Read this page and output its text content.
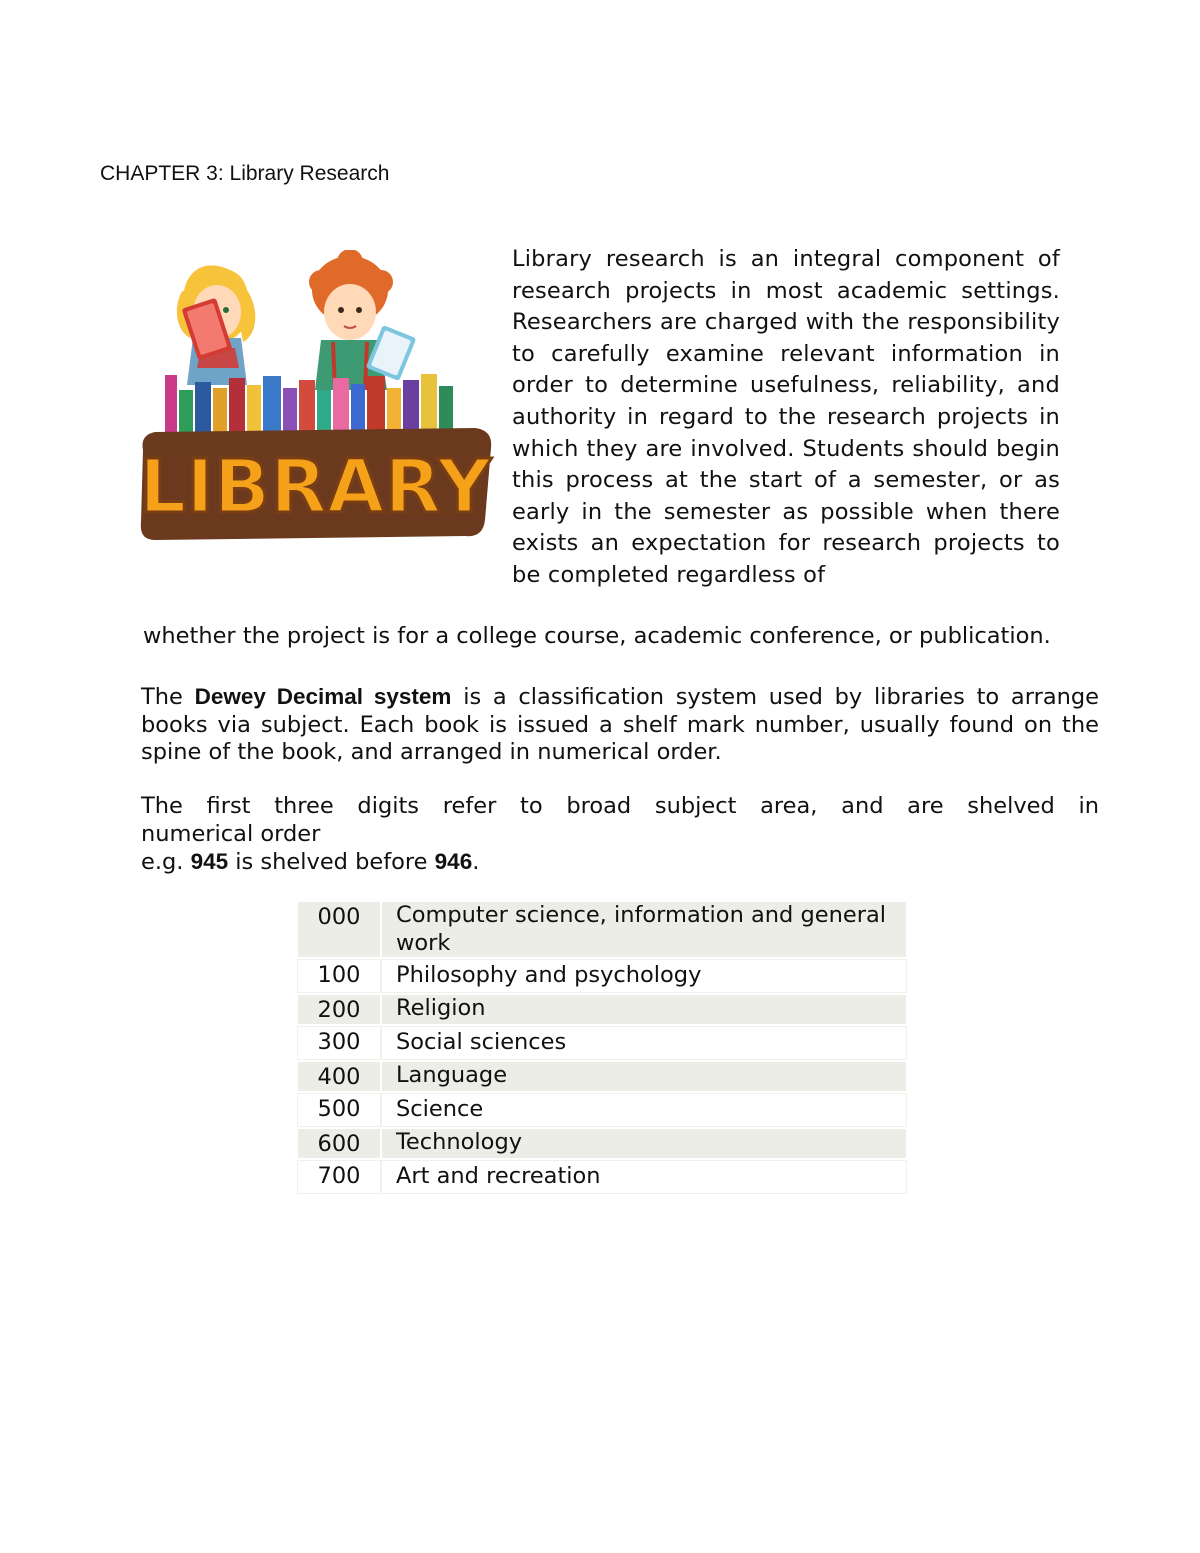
CHAPTER 3: Library Research
LIBRARY

Library research is an integral component of research projects in most academic settings. Researchers are charged with the responsibility to carefully examine relevant information in order to determine usefulness, reliability, and authority in regard to the research projects in which they are involved. Students should begin this process at the start of a semester, or as early in the semester as possible when there exists an expectation for research projects to be completed regardless of

whether the project is for a college course, academic conference, or publication.

The Dewey Decimal system is a classification system used by libraries to arrange books via subject. Each book is issued a shelf mark number, usually found on the spine of the book, and arranged in numerical order.

The first three digits refer to broad subject area, and are shelved in
numerical order
e.g. 945 is shelved before 946.

000	Computer science, information and general work
100	Philosophy and psychology
200	Religion
300	Social sciences
400	Language
500	Science
600	Technology
700	Art and recreation
